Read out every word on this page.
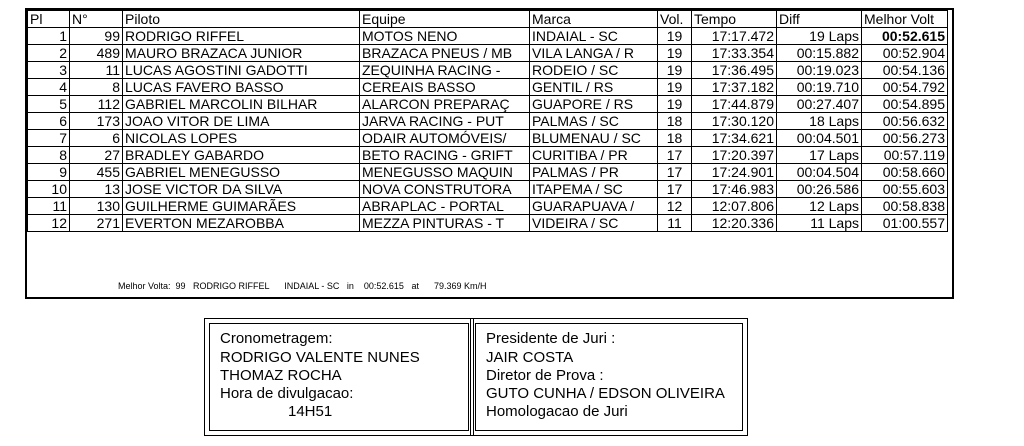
Pl	N°	Piloto	Equipe	Marca	Vol.	Tempo	Diff	Melhor Volt
1	99	RODRIGO RIFFEL	MOTOS NENO	INDAIAL - SC	19	17:17.472	19 Laps	00:52.615
2	489	MAURO BRAZACA JUNIOR	BRAZACA PNEUS / MB	VILA LANGA / R	19	17:33.354	00:15.882	00:52.904
3	11	LUCAS AGOSTINI GADOTTI	ZEQUINHA RACING -	RODEIO / SC	19	17:36.495	00:19.023	00:54.136
4	8	LUCAS FAVERO BASSO	CEREAIS BASSO	GENTIL / RS	19	17:37.182	00:19.710	00:54.792
5	112	GABRIEL MARCOLIN BILHAR	ALARCON PREPARAÇ	GUAPORE / RS	19	17:44.879	00:27.407	00:54.895
6	173	JOAO VITOR DE LIMA	JARVA RACING - PUT	PALMAS / SC	18	17:30.120	18 Laps	00:56.632
7	6	NICOLAS LOPES	ODAIR AUTOMÓVEIS/	BLUMENAU / SC	18	17:34.621	00:04.501	00:56.273
8	27	BRADLEY GABARDO	BETO RACING - GRIFT	CURITIBA / PR	17	17:20.397	17 Laps	00:57.119
9	455	GABRIEL MENEGUSSO	MENEGUSSO MAQUIN	PALMAS / PR	17	17:24.901	00:04.504	00:58.660
10	13	JOSE VICTOR DA SILVA	NOVA CONSTRUTORA	ITAPEMA / SC	17	17:46.983	00:26.586	00:55.603
11	130	GUILHERME GUIMARÃES	ABRAPLAC - PORTAL	GUARAPUAVA /	12	12:07.806	12 Laps	00:58.838
12	271	EVERTON MEZAROBBA	MEZZA PINTURAS - T	VIDEIRA / SC	11	12:20.336	11 Laps	01:00.557
Melhor Volta:  99   RODRIGO RIFFEL      INDAIAL - SC   in    00:52.615   at      79.369 Km/H
Cronometragem:
RODRIGO VALENTE NUNES
THOMAZ ROCHA
Hora de divulgacao:
14H51
Presidente de Juri :
JAIR COSTA
Diretor de Prova :
GUTO CUNHA / EDSON OLIVEIRA
Homologacao de Juri
